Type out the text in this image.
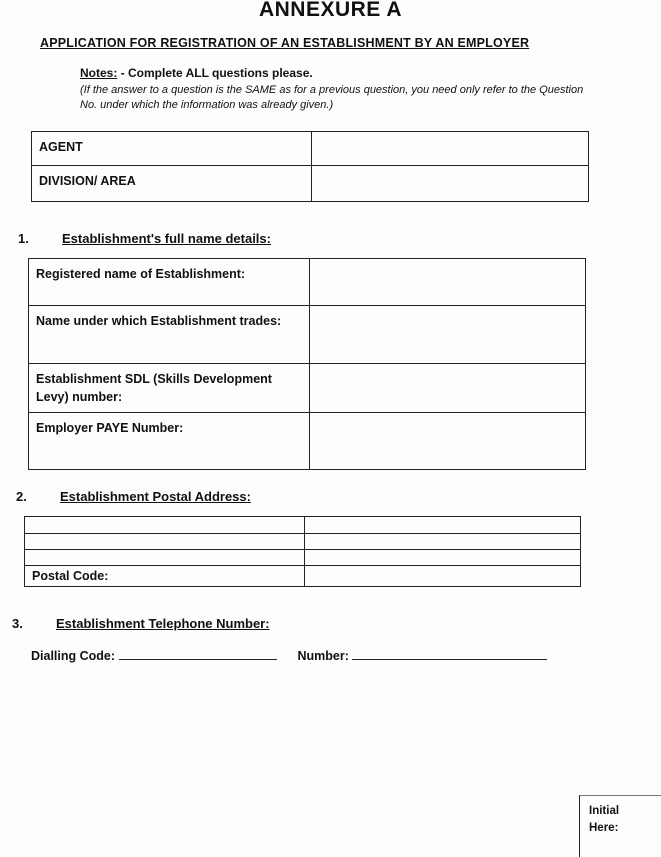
ANNEXURE A
APPLICATION FOR REGISTRATION OF AN ESTABLISHMENT BY AN EMPLOYER
Notes: - Complete ALL questions please.
(If the answer to a question is the SAME as for a previous question, you need only refer to the Question No. under which the information was already given.)
AGENT	
DIVISION/ AREA	
1.	Establishment's full name details:
Registered name of Establishment:	
Name under which Establishment trades:	
Establishment SDL (Skills Development Levy) number:	
Employer PAYE Number:	
2.	Establishment Postal Address:

Postal Code:	
3.	Establishment Telephone Number:
Dialling Code:	Number:
Initial Here:
